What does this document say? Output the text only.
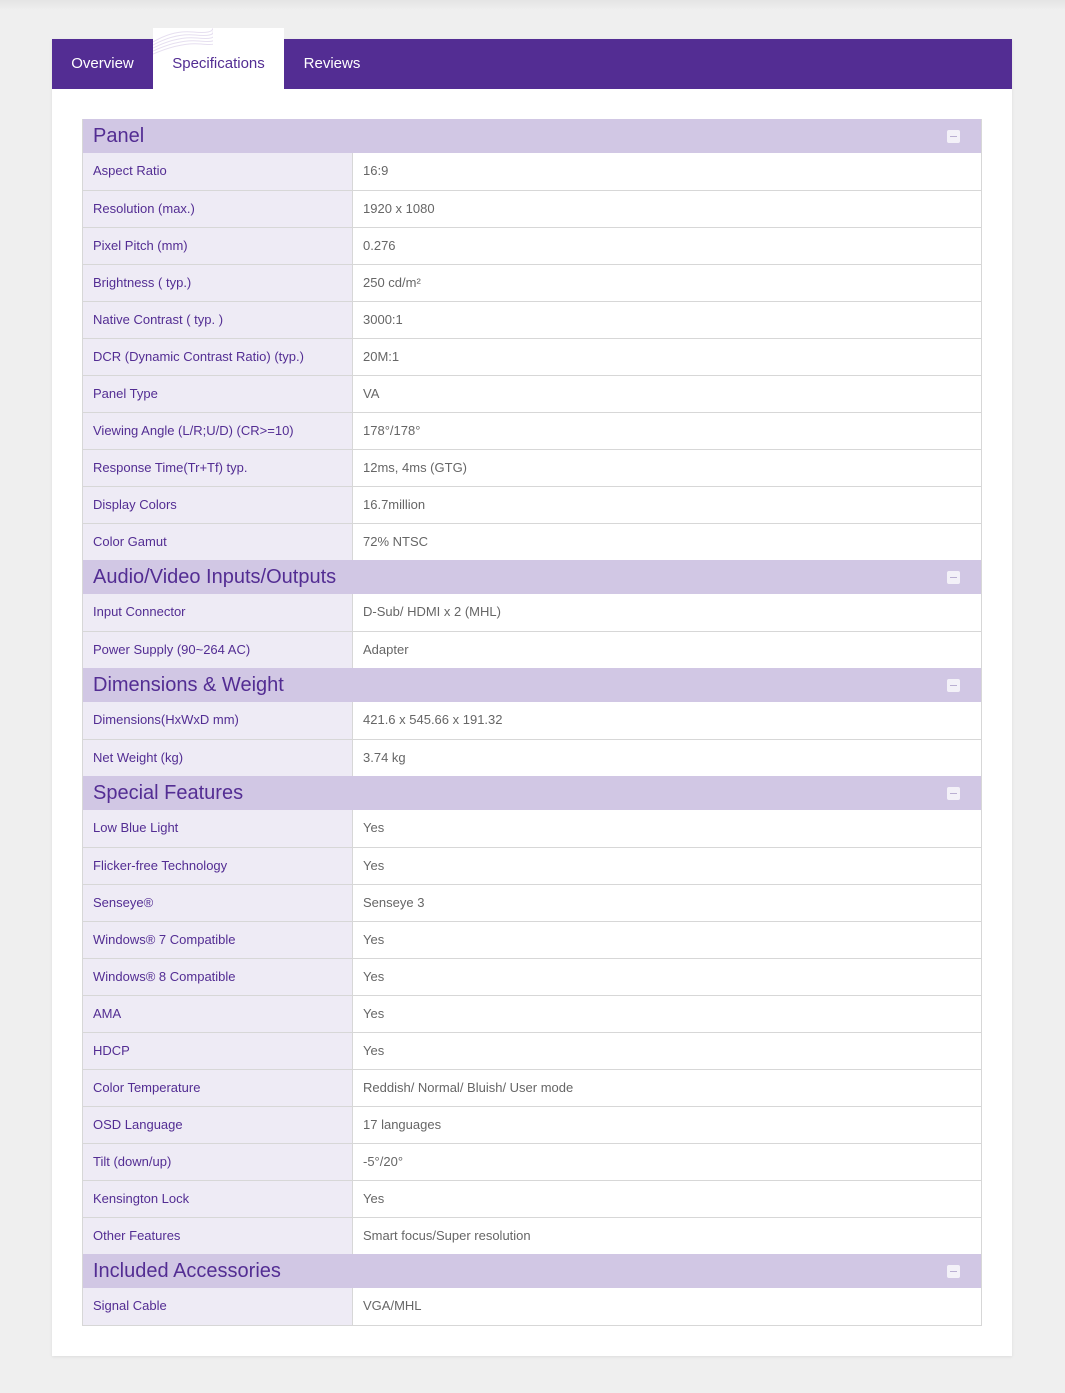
Overview	Specifications	Reviews
Panel
Aspect Ratio	16:9
Resolution (max.)	1920 x 1080
Pixel Pitch (mm)	0.276
Brightness ( typ.)	250 cd/m²
Native Contrast ( typ. )	3000:1
DCR (Dynamic Contrast Ratio) (typ.)	20M:1
Panel Type	VA
Viewing Angle (L/R;U/D) (CR>=10)	178°/178°
Response Time(Tr+Tf) typ.	12ms, 4ms (GTG)
Display Colors	16.7million
Color Gamut	72% NTSC
Audio/Video Inputs/Outputs
Input Connector	D-Sub/ HDMI x 2 (MHL)
Power Supply (90~264 AC)	Adapter
Dimensions & Weight
Dimensions(HxWxD mm)	421.6 x 545.66 x 191.32
Net Weight (kg)	3.74 kg
Special Features
Low Blue Light	Yes
Flicker-free Technology	Yes
Senseye®	Senseye 3
Windows® 7 Compatible	Yes
Windows® 8 Compatible	Yes
AMA	Yes
HDCP	Yes
Color Temperature	Reddish/ Normal/ Bluish/ User mode
OSD Language	17 languages
Tilt (down/up)	-5°/20°
Kensington Lock	Yes
Other Features	Smart focus/Super resolution
Included Accessories
Signal Cable	VGA/MHL
